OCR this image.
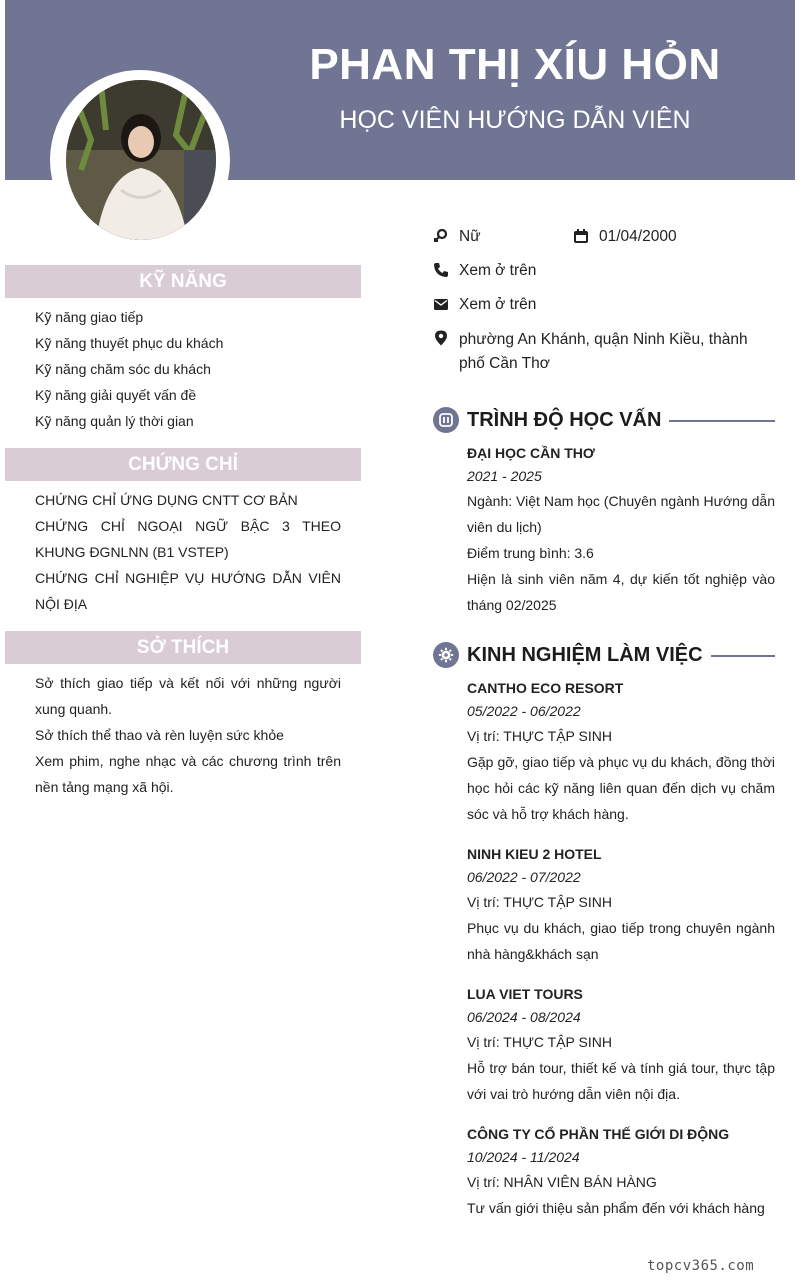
PHAN THỊ XÍU HỎN
HỌC VIÊN HƯỚNG DẪN VIÊN
KỸ NĂNG
Kỹ năng giao tiếp
Kỹ năng thuyết phục du khách
Kỹ năng chăm sóc du khách
Kỹ năng giải quyết vấn đề
Kỹ năng quản lý thời gian
CHỨNG CHỈ
CHỨNG CHỈ ỨNG DỤNG CNTT CƠ BẢN
CHỨNG CHỈ NGOẠI NGỮ BẬC 3 THEO KHUNG ĐGNLNN (B1 VSTEP)
CHỨNG CHỈ NGHIỆP VỤ HƯỚNG DẪN VIÊN NỘI ĐỊA
SỞ THÍCH
Sở thích giao tiếp và kết nối với những người xung quanh.
Sở thích thể thao và rèn luyện sức khỏe
Xem phim, nghe nhạc và các chương trình trên nền tảng mạng xã hội.
Nữ	01/04/2000
Xem ở trên
Xem ở trên
phường An Khánh, quận Ninh Kiều, thành phố Cần Thơ
TRÌNH ĐỘ HỌC VẤN
ĐẠI HỌC CẦN THƠ
2021 - 2025
Ngành: Việt Nam học (Chuyên ngành Hướng dẫn viên du lịch)
Điểm trung bình: 3.6
Hiện là sinh viên năm 4, dự kiến tốt nghiệp vào tháng 02/2025
KINH NGHIỆM LÀM VIỆC
CANTHO ECO RESORT
05/2022 - 06/2022
Vị trí: THỰC TẬP SINH
Gặp gỡ, giao tiếp và phục vụ du khách, đồng thời học hỏi các kỹ năng liên quan đến dịch vụ chăm sóc và hỗ trợ khách hàng.
NINH KIEU 2 HOTEL
06/2022 - 07/2022
Vị trí: THỰC TẬP SINH
Phục vụ du khách, giao tiếp trong chuyên ngành nhà hàng&khách sạn
LUA VIET TOURS
06/2024 - 08/2024
Vị trí: THỰC TẬP SINH
Hỗ trợ bán tour, thiết kế và tính giá tour, thực tập với vai trò hướng dẫn viên nội địa.
CÔNG TY CỔ PHẦN THẾ GIỚI DI ĐỘNG
10/2024 - 11/2024
Vị trí: NHÂN VIÊN BÁN HÀNG
Tư vấn giới thiệu sản phẩm đến với khách hàng
topcv365.com
